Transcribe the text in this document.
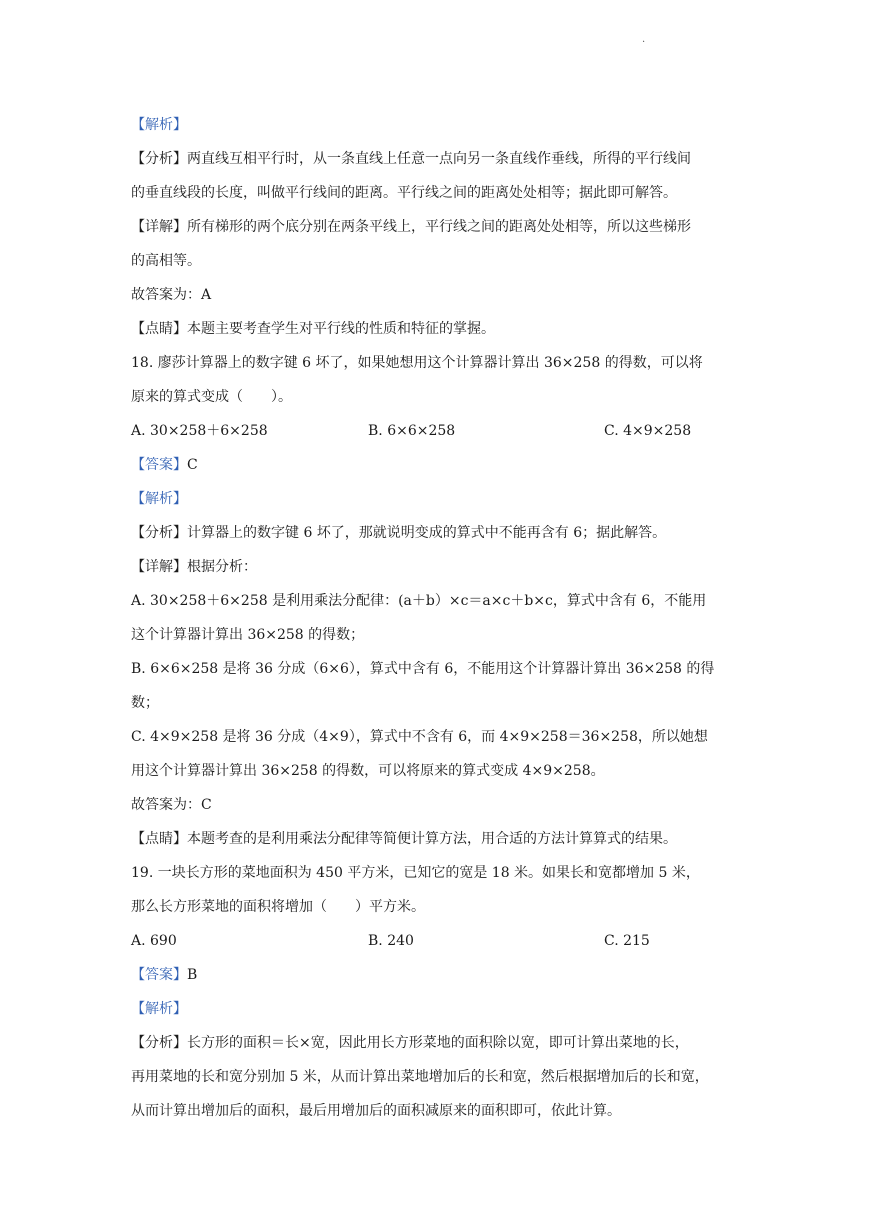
.
【解析】
【分析】两直线互相平行时，从一条直线上任意一点向另一条直线作垂线，所得的平行线间
的垂直线段的长度，叫做平行线间的距离。平行线之间的距离处处相等；据此即可解答。
【详解】所有梯形的两个底分别在两条平线上，平行线之间的距离处处相等，所以这些梯形
的高相等。
故答案为：A
【点睛】本题主要考查学生对平行线的性质和特征的掌握。
18. 廖莎计算器上的数字键 6 坏了，如果她想用这个计算器计算出 36×258 的得数，可以将
原来的算式变成（　　）。
A. 30×258＋6×258	B. 6×6×258	C. 4×9×258
【答案】C
【解析】
【分析】计算器上的数字键 6 坏了，那就说明变成的算式中不能再含有 6；据此解答。
【详解】根据分析：
A. 30×258＋6×258 是利用乘法分配律：(a＋b）×c＝a×c＋b×c，算式中含有 6，不能用
这个计算器计算出 36×258 的得数；
B. 6×6×258 是将 36 分成（6×6），算式中含有 6，不能用这个计算器计算出 36×258 的得
数；
C. 4×9×258 是将 36 分成（4×9），算式中不含有 6，而 4×9×258＝36×258，所以她想
用这个计算器计算出 36×258 的得数，可以将原来的算式变成 4×9×258。
故答案为：C
【点睛】本题考查的是利用乘法分配律等简便计算方法，用合适的方法计算算式的结果。
19. 一块长方形的菜地面积为 450 平方米，已知它的宽是 18 米。如果长和宽都增加 5 米，
那么长方形菜地的面积将增加（　　）平方米。
A. 690	B. 240	C. 215
【答案】B
【解析】
【分析】长方形的面积＝长×宽，因此用长方形菜地的面积除以宽，即可计算出菜地的长，
再用菜地的长和宽分别加 5 米，从而计算出菜地增加后的长和宽，然后根据增加后的长和宽，
从而计算出增加后的面积，最后用增加后的面积减原来的面积即可，依此计算。
